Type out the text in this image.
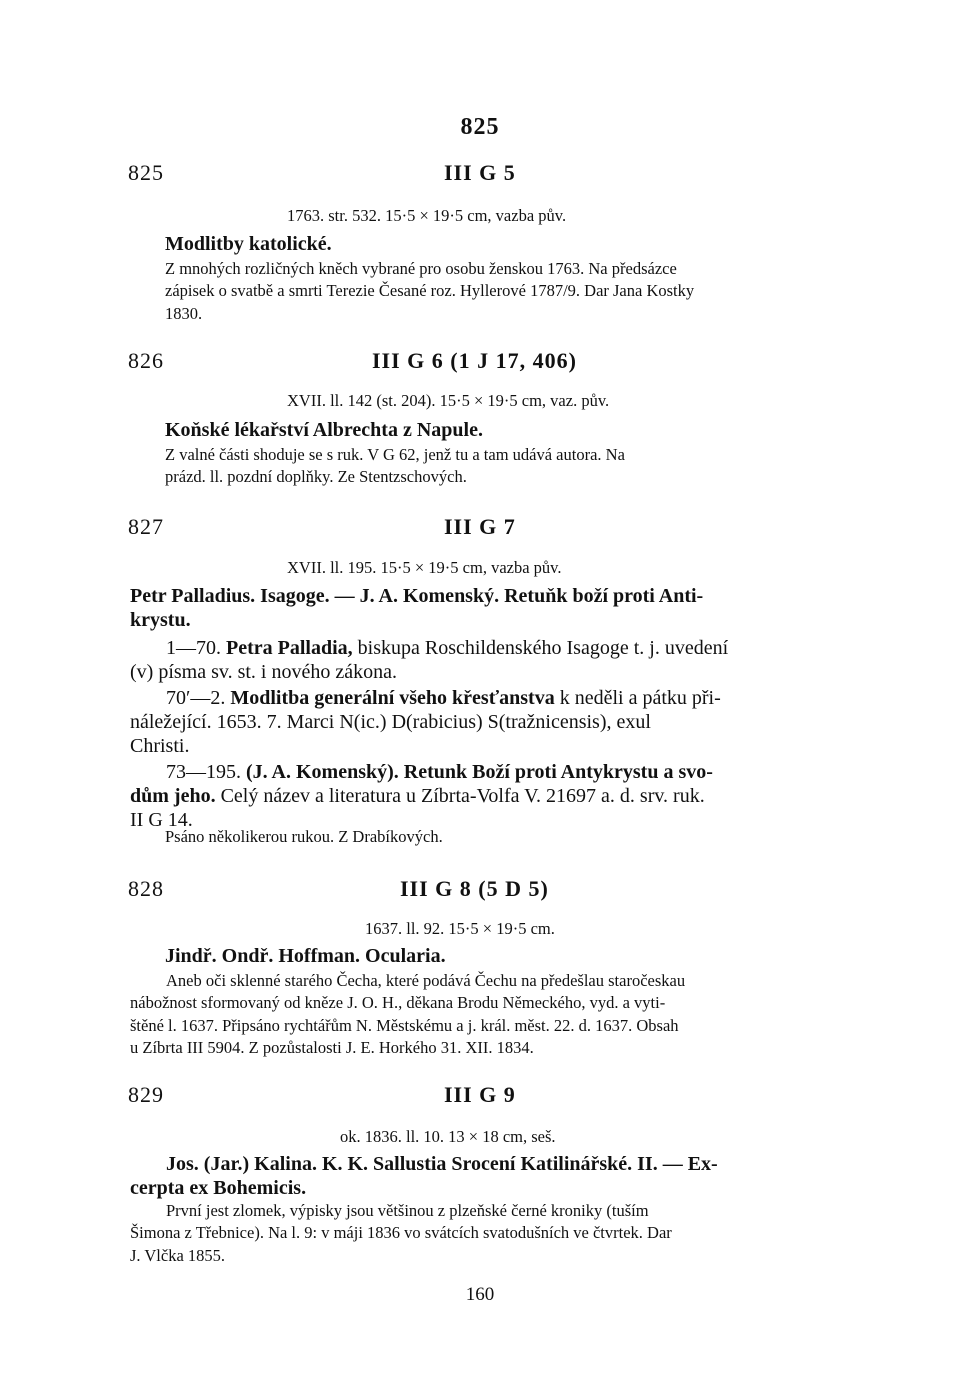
825
825	III G 5
1763. str. 532. 15·5 × 19·5 cm, vazba pův.
Modlitby katolické.
Z mnohých rozličných kněch vybrané pro osobu ženskou 1763. Na předsázce
zápisek o svatbě a smrti Terezie Česané roz. Hyllerové 1787/9. Dar Jana Kostky
1830.
826	III G 6 (1 J 17, 406)
XVII. ll. 142 (st. 204). 15·5 × 19·5 cm, vaz. pův.
Koňské lékařství Albrechta z Napule.
Z valné části shoduje se s ruk. V G 62, jenž tu a tam udává autora. Na
prázd. ll. pozdní doplňky. Ze Stentzschových.
827	III G 7
XVII. ll. 195. 15·5 × 19·5 cm, vazba pův.
Petr Palladius. Isagoge. — J. A. Komenský. Retuňk boží proti Anti-
krystu.
1—70. Petra Palladia, biskupa Roschildenského Isagoge t. j. uvedení
(v) písma sv. st. i nového zákona.
70′—2. Modlitba generální všeho křesťanstva k neděli a pátku při-
náležející. 1653. 7. Marci N(ic.) D(rabicius) S(tražnicensis), exul
Christi.
73—195. (J. A. Komenský). Retunk Boží proti Antykrystu a svo-
dům jeho. Celý název a literatura u Zíbrta-Volfa V. 21697 a. d. srv. ruk.
II G 14.
Psáno několikerou rukou. Z Drabíkových.
828	III G 8 (5 D 5)
1637. ll. 92. 15·5 × 19·5 cm.
Jindř. Ondř. Hoffman. Ocularia.
Aneb oči sklenné starého Čecha, které podává Čechu na předešlau staročeskau
nábožnost sformovaný od kněze J. O. H., děkana Brodu Německého, vyd. a vyti-
štěné l. 1637. Připsáno rychtářům N. Městskému a j. král. měst. 22. d. 1637. Obsah
u Zíbrta III 5904. Z pozůstalosti J. E. Horkého 31. XII. 1834.
829	III G 9
ok. 1836. ll. 10. 13 × 18 cm, seš.
Jos. (Jar.) Kalina. K. K. Sallustia Srocení Katilinářské. II. — Ex-
cerpta ex Bohemicis.
První jest zlomek, výpisky jsou většinou z plzeňské černé kroniky (tuším
Šimona z Třebnice). Na l. 9: v máji 1836 vo svátcích svatodušních ve čtvrtek. Dar
J. Vlčka 1855.
160
